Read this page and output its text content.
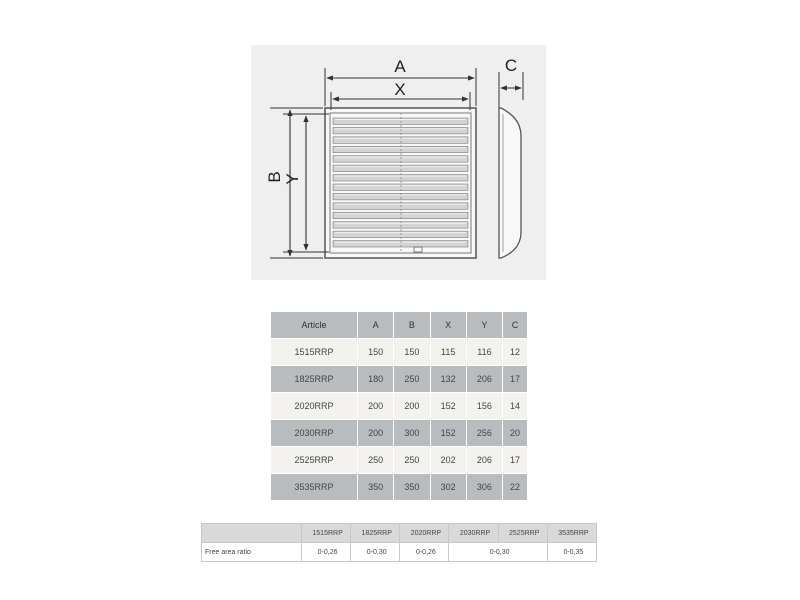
A
X
B Y
C
Article	A	B	X	Y	C
1515RRP	150	150	115	116	12
1825RRP	180	250	132	206	17
2020RRP	200	200	152	156	14
2030RRP	200	300	152	256	20
2525RRP	250	250	202	206	17
3535RRP	350	350	302	306	22
	1515RRP	1825RRP	2020RRP	2030RRP	2525RRP	3535RRP
Free area ratio	0-0,26	0-0,30	0-0,26	0-0,30		0-0,35
